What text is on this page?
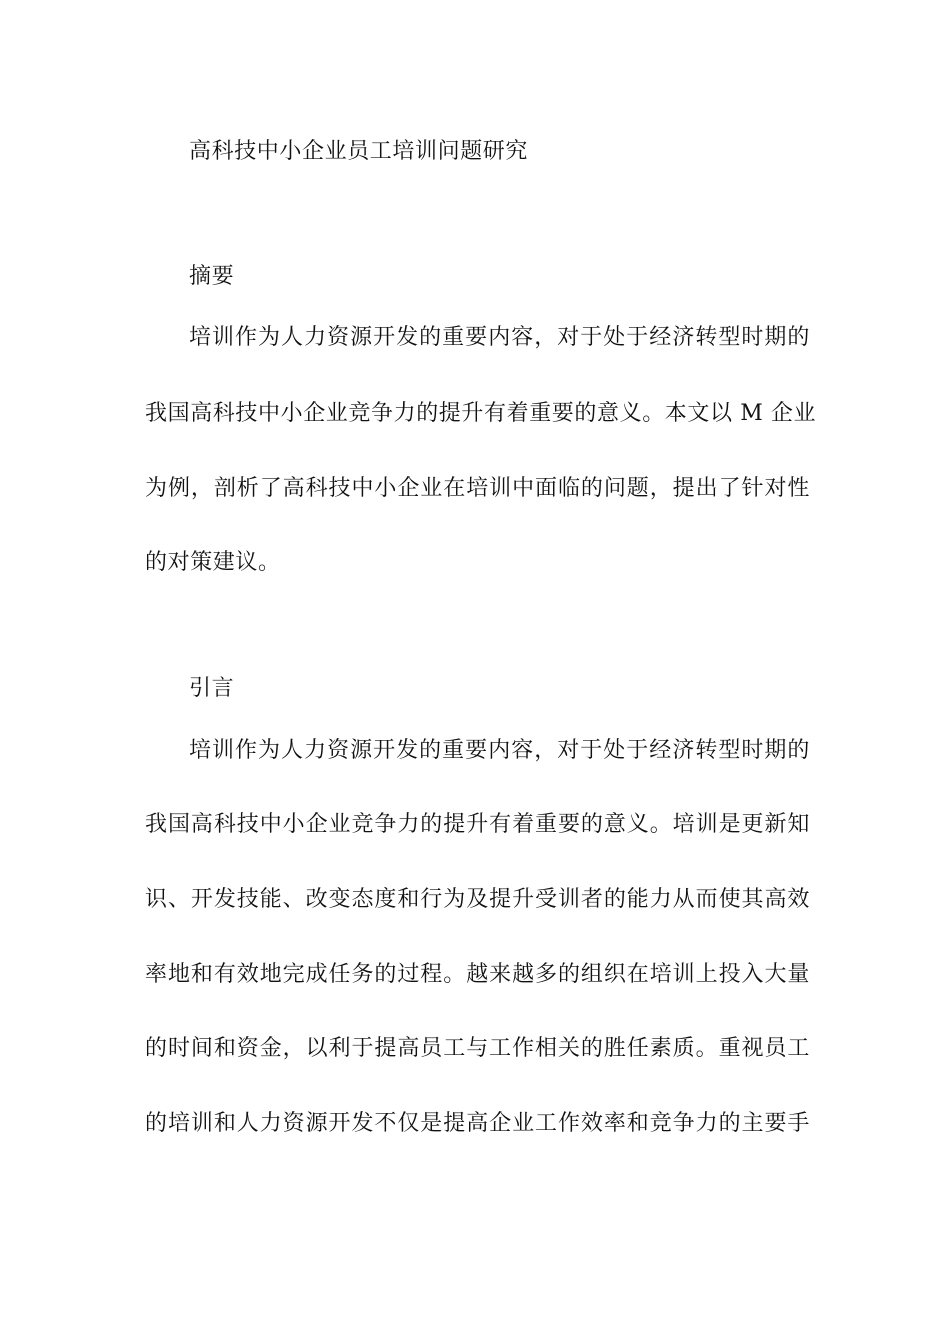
高科技中小企业员工培训问题研究
摘要
培训作为人力资源开发的重要内容，对于处于经济转型时期的
我国高科技中小企业竞争力的提升有着重要的意义。本文以 M 企业
为例，剖析了高科技中小企业在培训中面临的问题，提出了针对性
的对策建议。
引言
培训作为人力资源开发的重要内容，对于处于经济转型时期的
我国高科技中小企业竞争力的提升有着重要的意义。培训是更新知
识、开发技能、改变态度和行为及提升受训者的能力从而使其高效
率地和有效地完成任务的过程。越来越多的组织在培训上投入大量
的时间和资金，以利于提高员工与工作相关的胜任素质。重视员工
的培训和人力资源开发不仅是提高企业工作效率和竞争力的主要手
